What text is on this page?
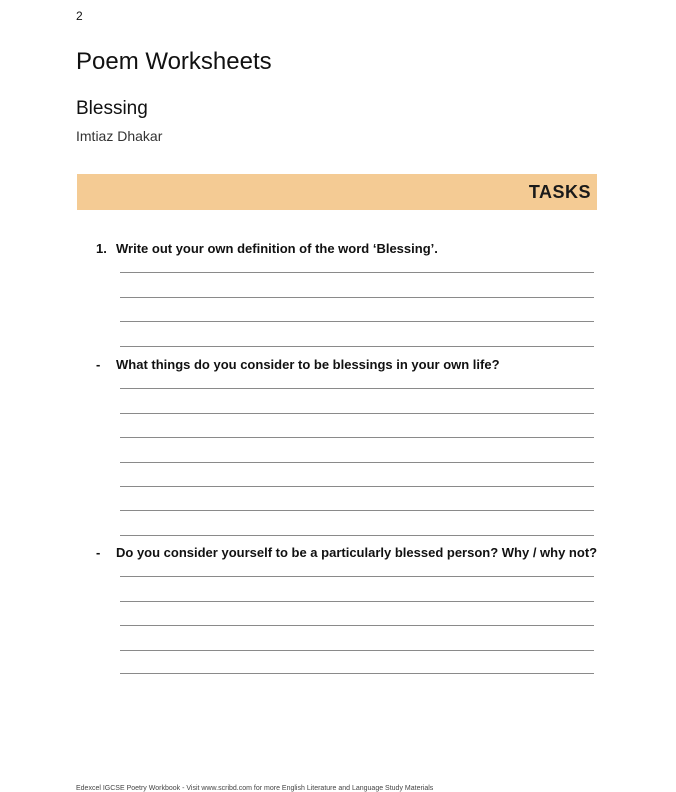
2
Poem Worksheets
Blessing
Imtiaz Dhakar
TASKS
1. Write out your own definition of the word ‘Blessing’.
- What things do you consider to be blessings in your own life?
- Do you consider yourself to be a particularly blessed person? Why / why not?
Edexcel IGCSE Poetry Workbook - Visit www.scribd.com for more English Literature and Language Study Materials
